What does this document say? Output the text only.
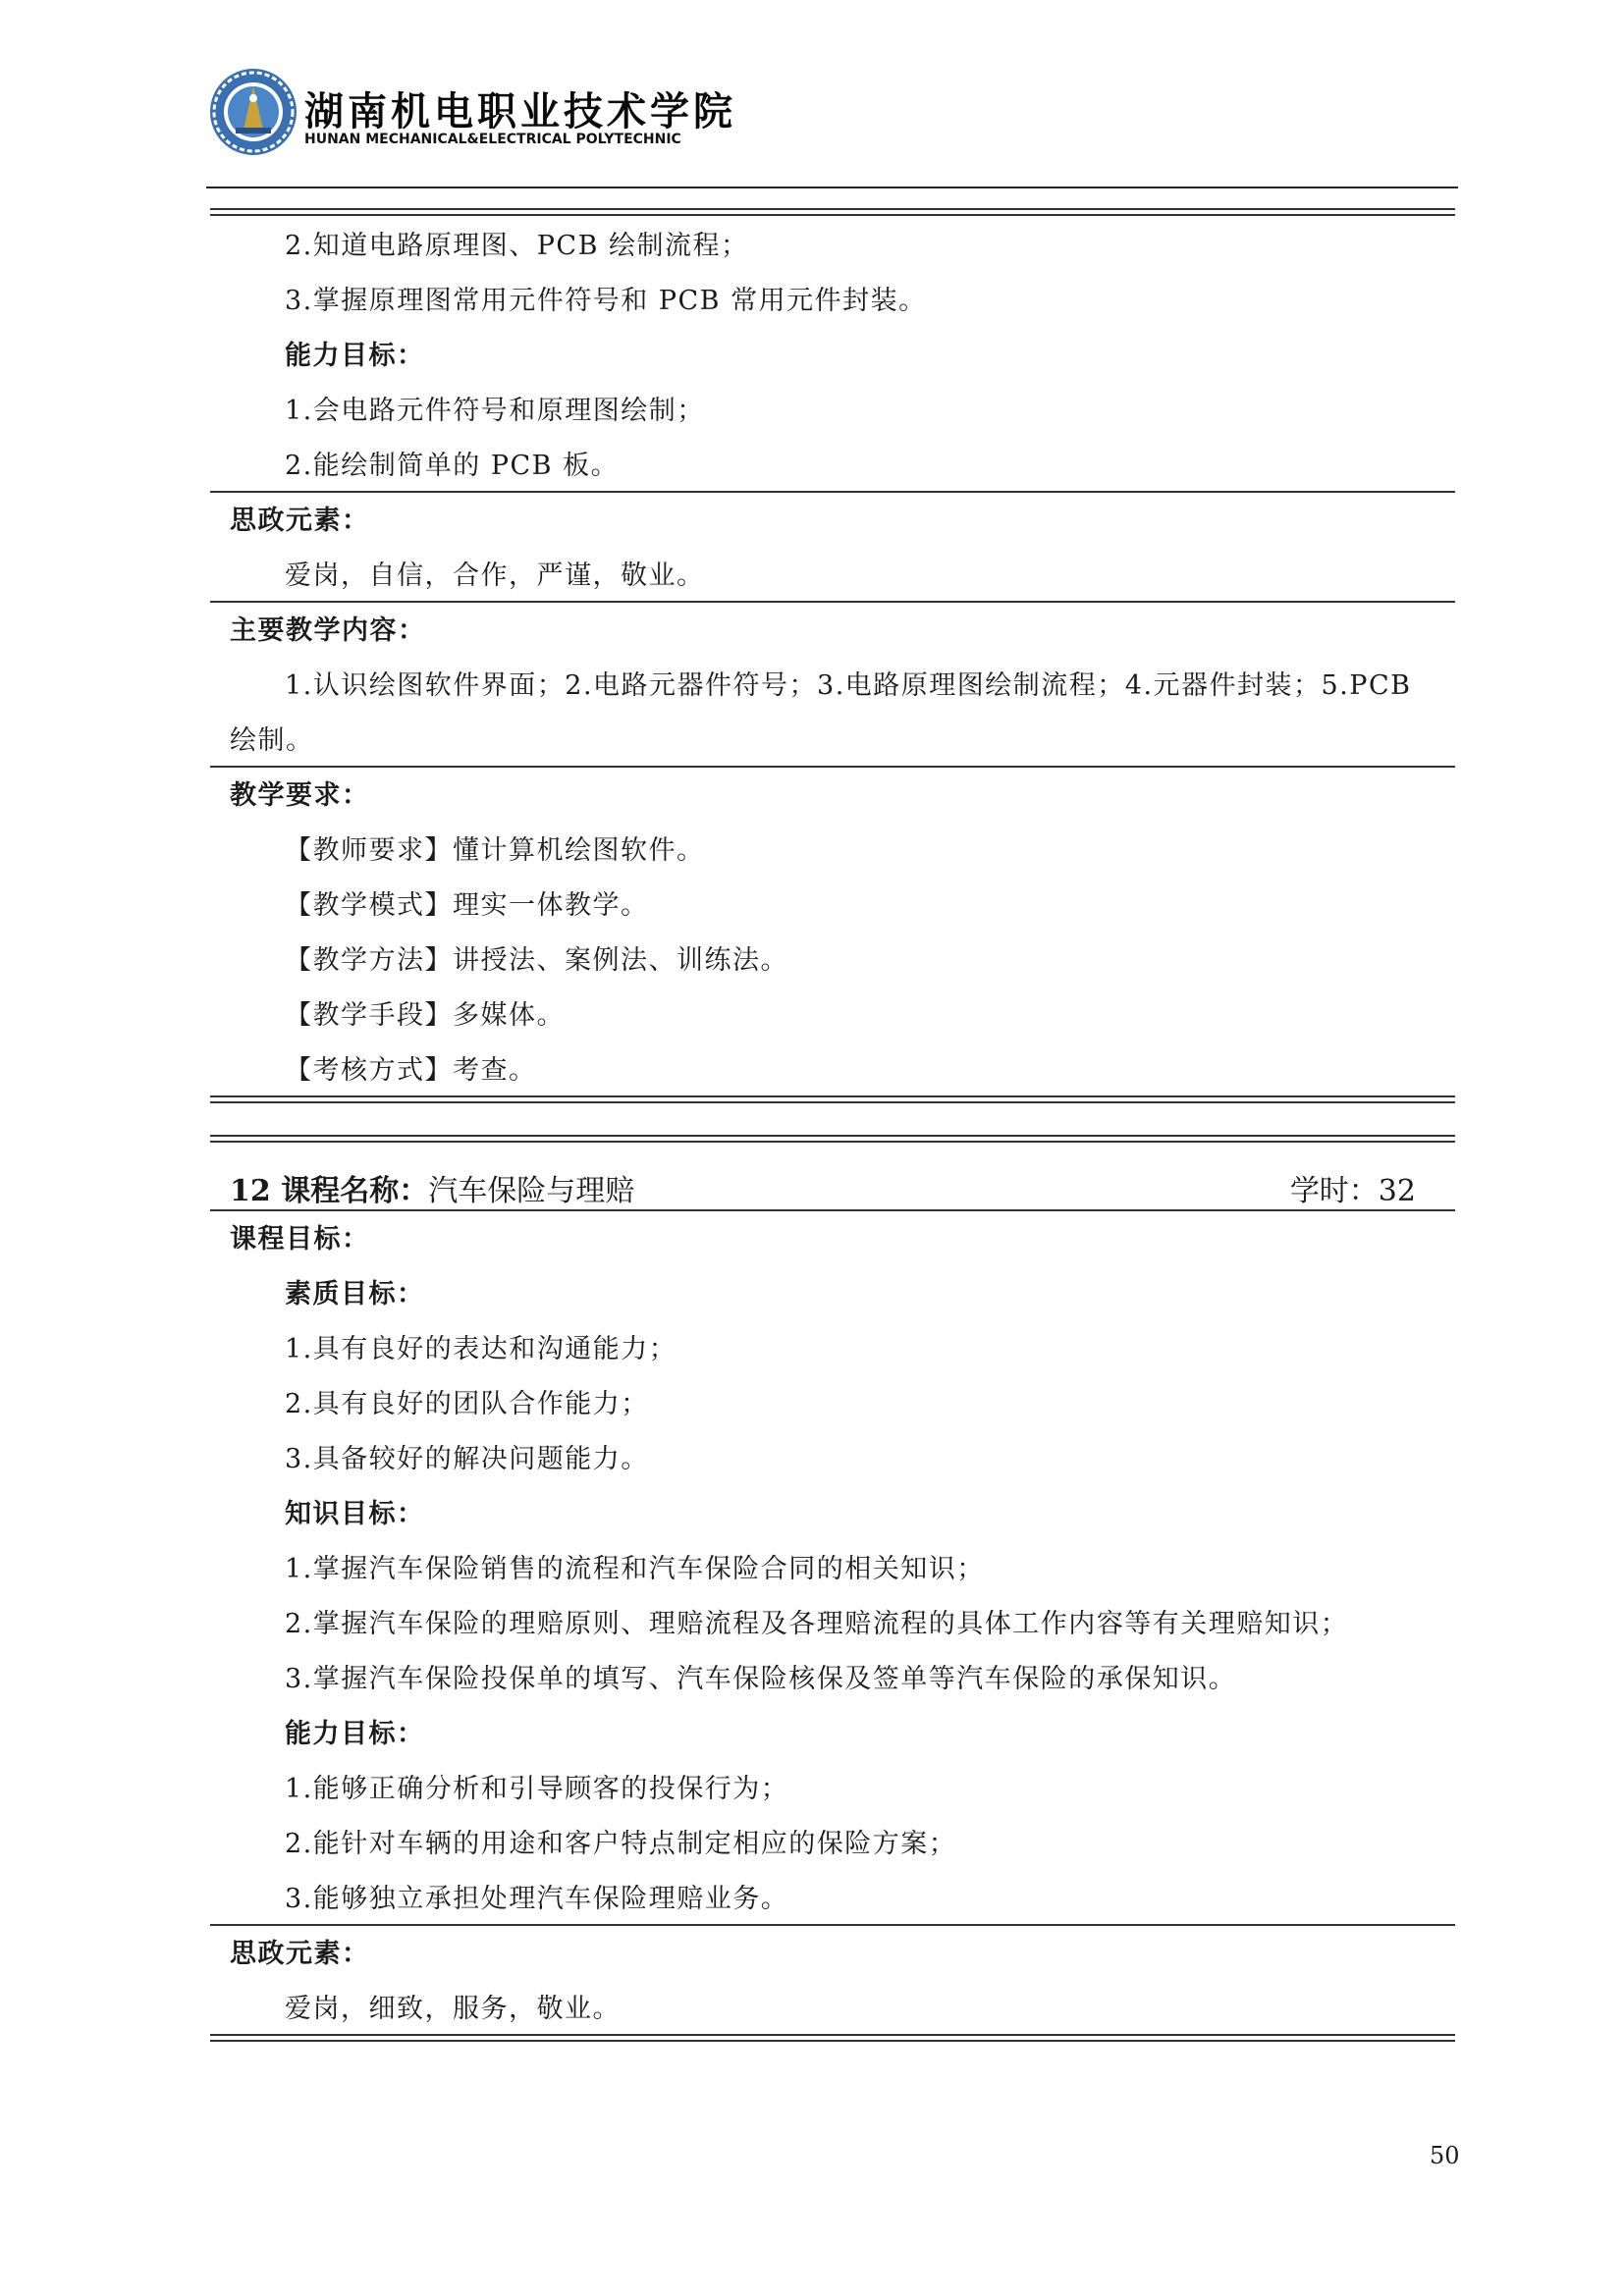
湖南机电职业技术学院
HUNAN MECHANICAL&ELECTRICAL POLYTECHNIC
2.知道电路原理图、PCB 绘制流程；
3.掌握原理图常用元件符号和 PCB 常用元件封装。
能力目标：
1.会电路元件符号和原理图绘制；
2.能绘制简单的 PCB 板。
思政元素：
爱岗，自信，合作，严谨，敬业。
主要教学内容：
1.认识绘图软件界面；2.电路元器件符号；3.电路原理图绘制流程；4.元器件封装；5.PCB
绘制。
教学要求：
【教师要求】懂计算机绘图软件。
【教学模式】理实一体教学。
【教学方法】讲授法、案例法、训练法。
【教学手段】多媒体。
【考核方式】考查。
12 课程名称：汽车保险与理赔	学时：32
课程目标：
素质目标：
1.具有良好的表达和沟通能力；
2.具有良好的团队合作能力；
3.具备较好的解决问题能力。
知识目标：
1.掌握汽车保险销售的流程和汽车保险合同的相关知识；
2.掌握汽车保险的理赔原则、理赔流程及各理赔流程的具体工作内容等有关理赔知识；
3.掌握汽车保险投保单的填写、汽车保险核保及签单等汽车保险的承保知识。
能力目标：
1.能够正确分析和引导顾客的投保行为；
2.能针对车辆的用途和客户特点制定相应的保险方案；
3.能够独立承担处理汽车保险理赔业务。
思政元素：
爱岗，细致，服务，敬业。
50
